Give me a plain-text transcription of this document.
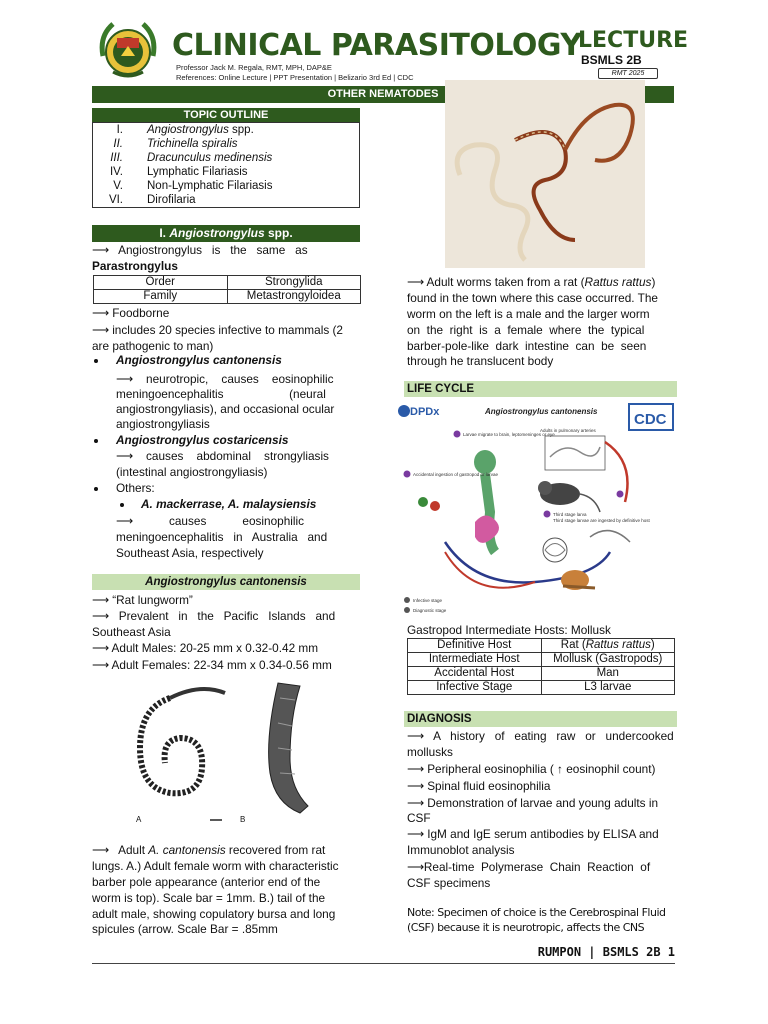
CLINICAL PARASITOLOGY
Professor Jack M. Regala, RMT, MPH, DAP&E
References: Online Lecture | PPT Presentation | Belizario 3rd Ed | CDC
LECTURE
BSMLS 2B
RMT 2025
OTHER NEMATODES
TOPIC OUTLINE
I. Angiostrongylus spp.
II. Trichinella spiralis
III. Dracunculus medinensis
IV. Lymphatic Filariasis
V. Non-Lymphatic Filariasis
VI. Dirofilaria
I. Angiostrongylus spp.
⟶   Angiostrongylus   is   the   same   as
Parastrongylus
Order	Strongylida
Family	Metastrongyloidea
⟶ Foodborne
⟶ includes 20 species infective to mammals (2
are pathogenic to man)
Angiostrongylus cantonensis
⟶    neurotropic,    causes    eosinophilic
meningoencephalitis                    (neural
angiostrongyliasis), and occasional ocular
angiostrongyliasis
Angiostrongylus costaricensis
⟶    causes    abdominal    strongyliasis
(intestinal angiostrongyliasis)
Others:
A. mackerrase, A. malaysiensis
⟶           causes           eosinophilic
meningoencephalitis   in   Australia   and
Southeast Asia, respectively
Angiostrongylus cantonensis
⟶ “Rat lungworm”
⟶   Prevalent   in   the   Pacific   Islands   and
Southeast Asia
⟶ Adult Males: 20-25 mm x 0.32-0.42 mm
⟶ Adult Females: 22-34 mm x 0.34-0.56 mm
A	B
⟶   Adult A. cantonensis recovered from rat
lungs. A.) Adult female worm with characteristic
barber pole appearance (anterior end of the
worm is top). Scale bar = 1mm. B.) tail of the
adult male, showing copulatory bursa and long
spicules (arrow. Scale Bar = .85mm
⟶ Adult worms taken from a rat (Rattus rattus)
found in the town where this case occurred. The
worm on the left is a male and the larger worm
on  the  right  is  a  female  where  the  typical
barber-pole-like  dark  intestine  can  be  seen
through he translucent body
LIFE CYCLE
DPDx	Angiostrongylus cantonensis CDC
Adults in pulmonary arteries
Larvae migrate to brain, leptomeninges or eye
Accidental ingestion of gastropod or larvae
Third stage larva
Third stage larvae are ingested by definitive host
Infective stage
Diagnostic stage
Gastropod Intermediate Hosts: Mollusk
Definitive Host	Rat (Rattus rattus)
Intermediate Host	Mollusk (Gastropods)
Accidental Host	Man
Infective Stage	L3 larvae
DIAGNOSIS
⟶   A   history   of   eating   raw   or   undercooked
mollusks
⟶ Peripheral eosinophilia ( ↑ eosinophil count)
⟶ Spinal fluid eosinophilia
⟶ Demonstration of larvae and young adults in
CSF
⟶ IgM and IgE serum antibodies by ELISA and
Immunoblot analysis
⟶Real-time  Polymerase  Chain  Reaction  of
CSF specimens
Note: Specimen of choice is the Cerebrospinal Fluid
(CSF) because it is neurotropic, affects the CNS
RUMPON | BSMLS 2B 1
